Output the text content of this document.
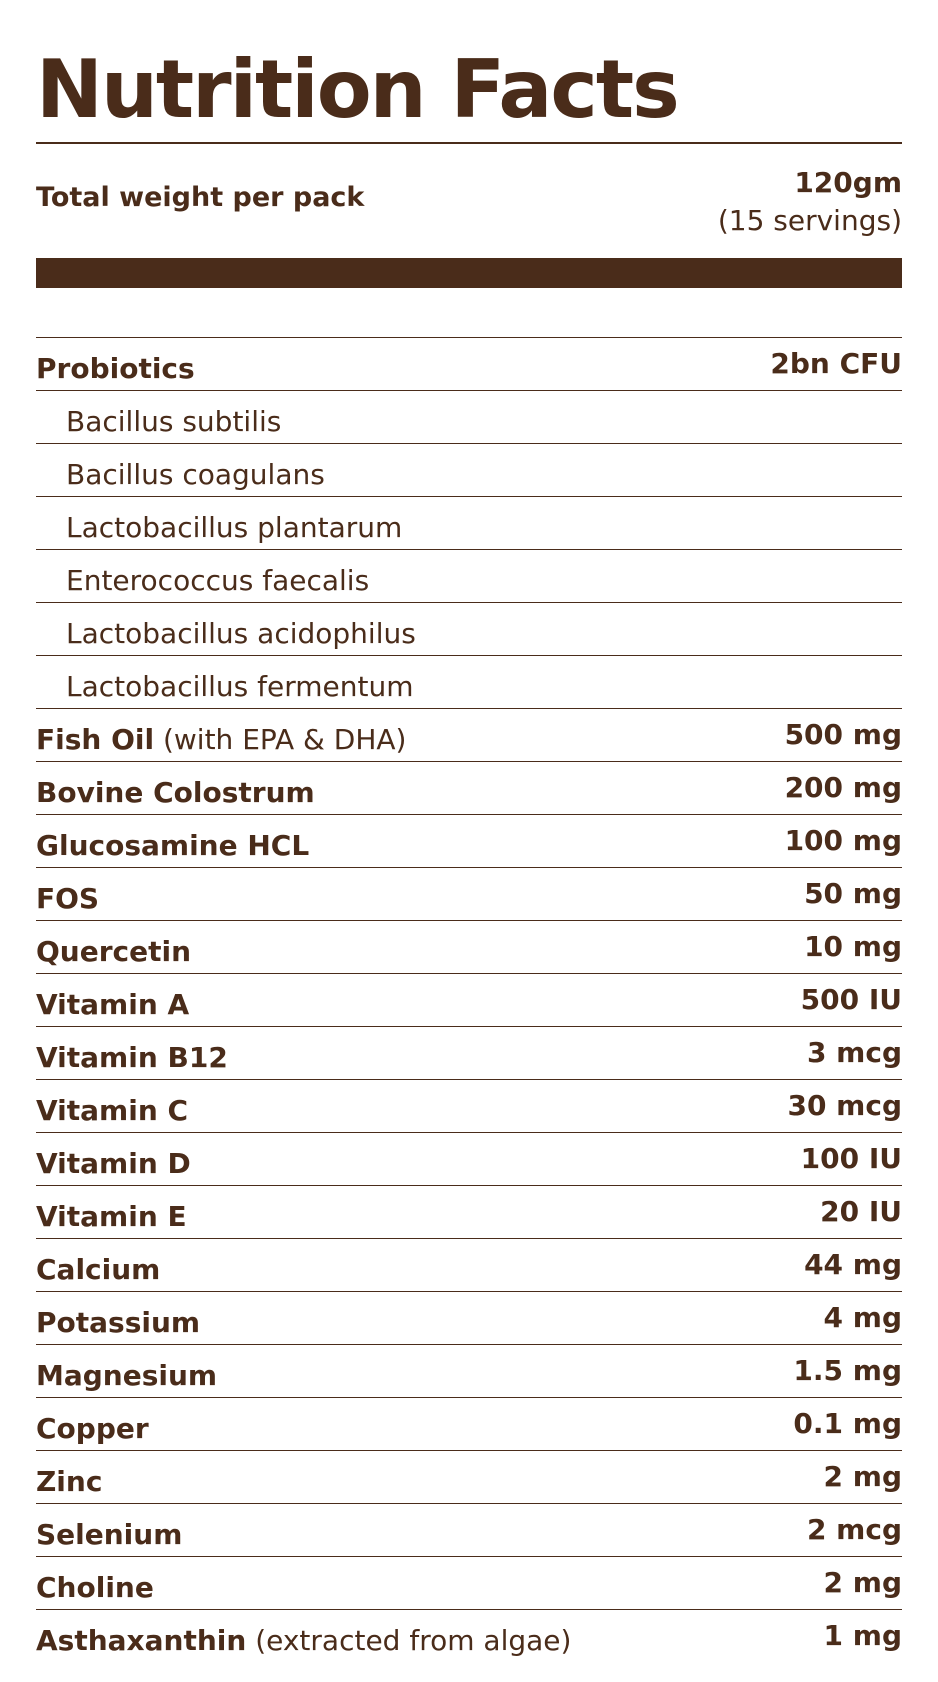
Nutrition Facts
Total weight per pack	120gm
(15 servings)
Probiotics	2bn CFU
Bacillus subtilis
Bacillus coagulans
Lactobacillus plantarum
Enterococcus faecalis
Lactobacillus acidophilus
Lactobacillus fermentum
Fish Oil (with EPA & DHA)	500 mg
Bovine Colostrum	200 mg
Glucosamine HCL	100 mg
FOS	50 mg
Quercetin	10 mg
Vitamin A	500 IU
Vitamin B12	3 mcg
Vitamin C	30 mcg
Vitamin D	100 IU
Vitamin E	20 IU
Calcium	44 mg
Potassium	4 mg
Magnesium	1.5 mg
Copper	0.1 mg
Zinc	2 mg
Selenium	2 mcg
Choline	2 mg
Asthaxanthin (extracted from algae)	1 mg
